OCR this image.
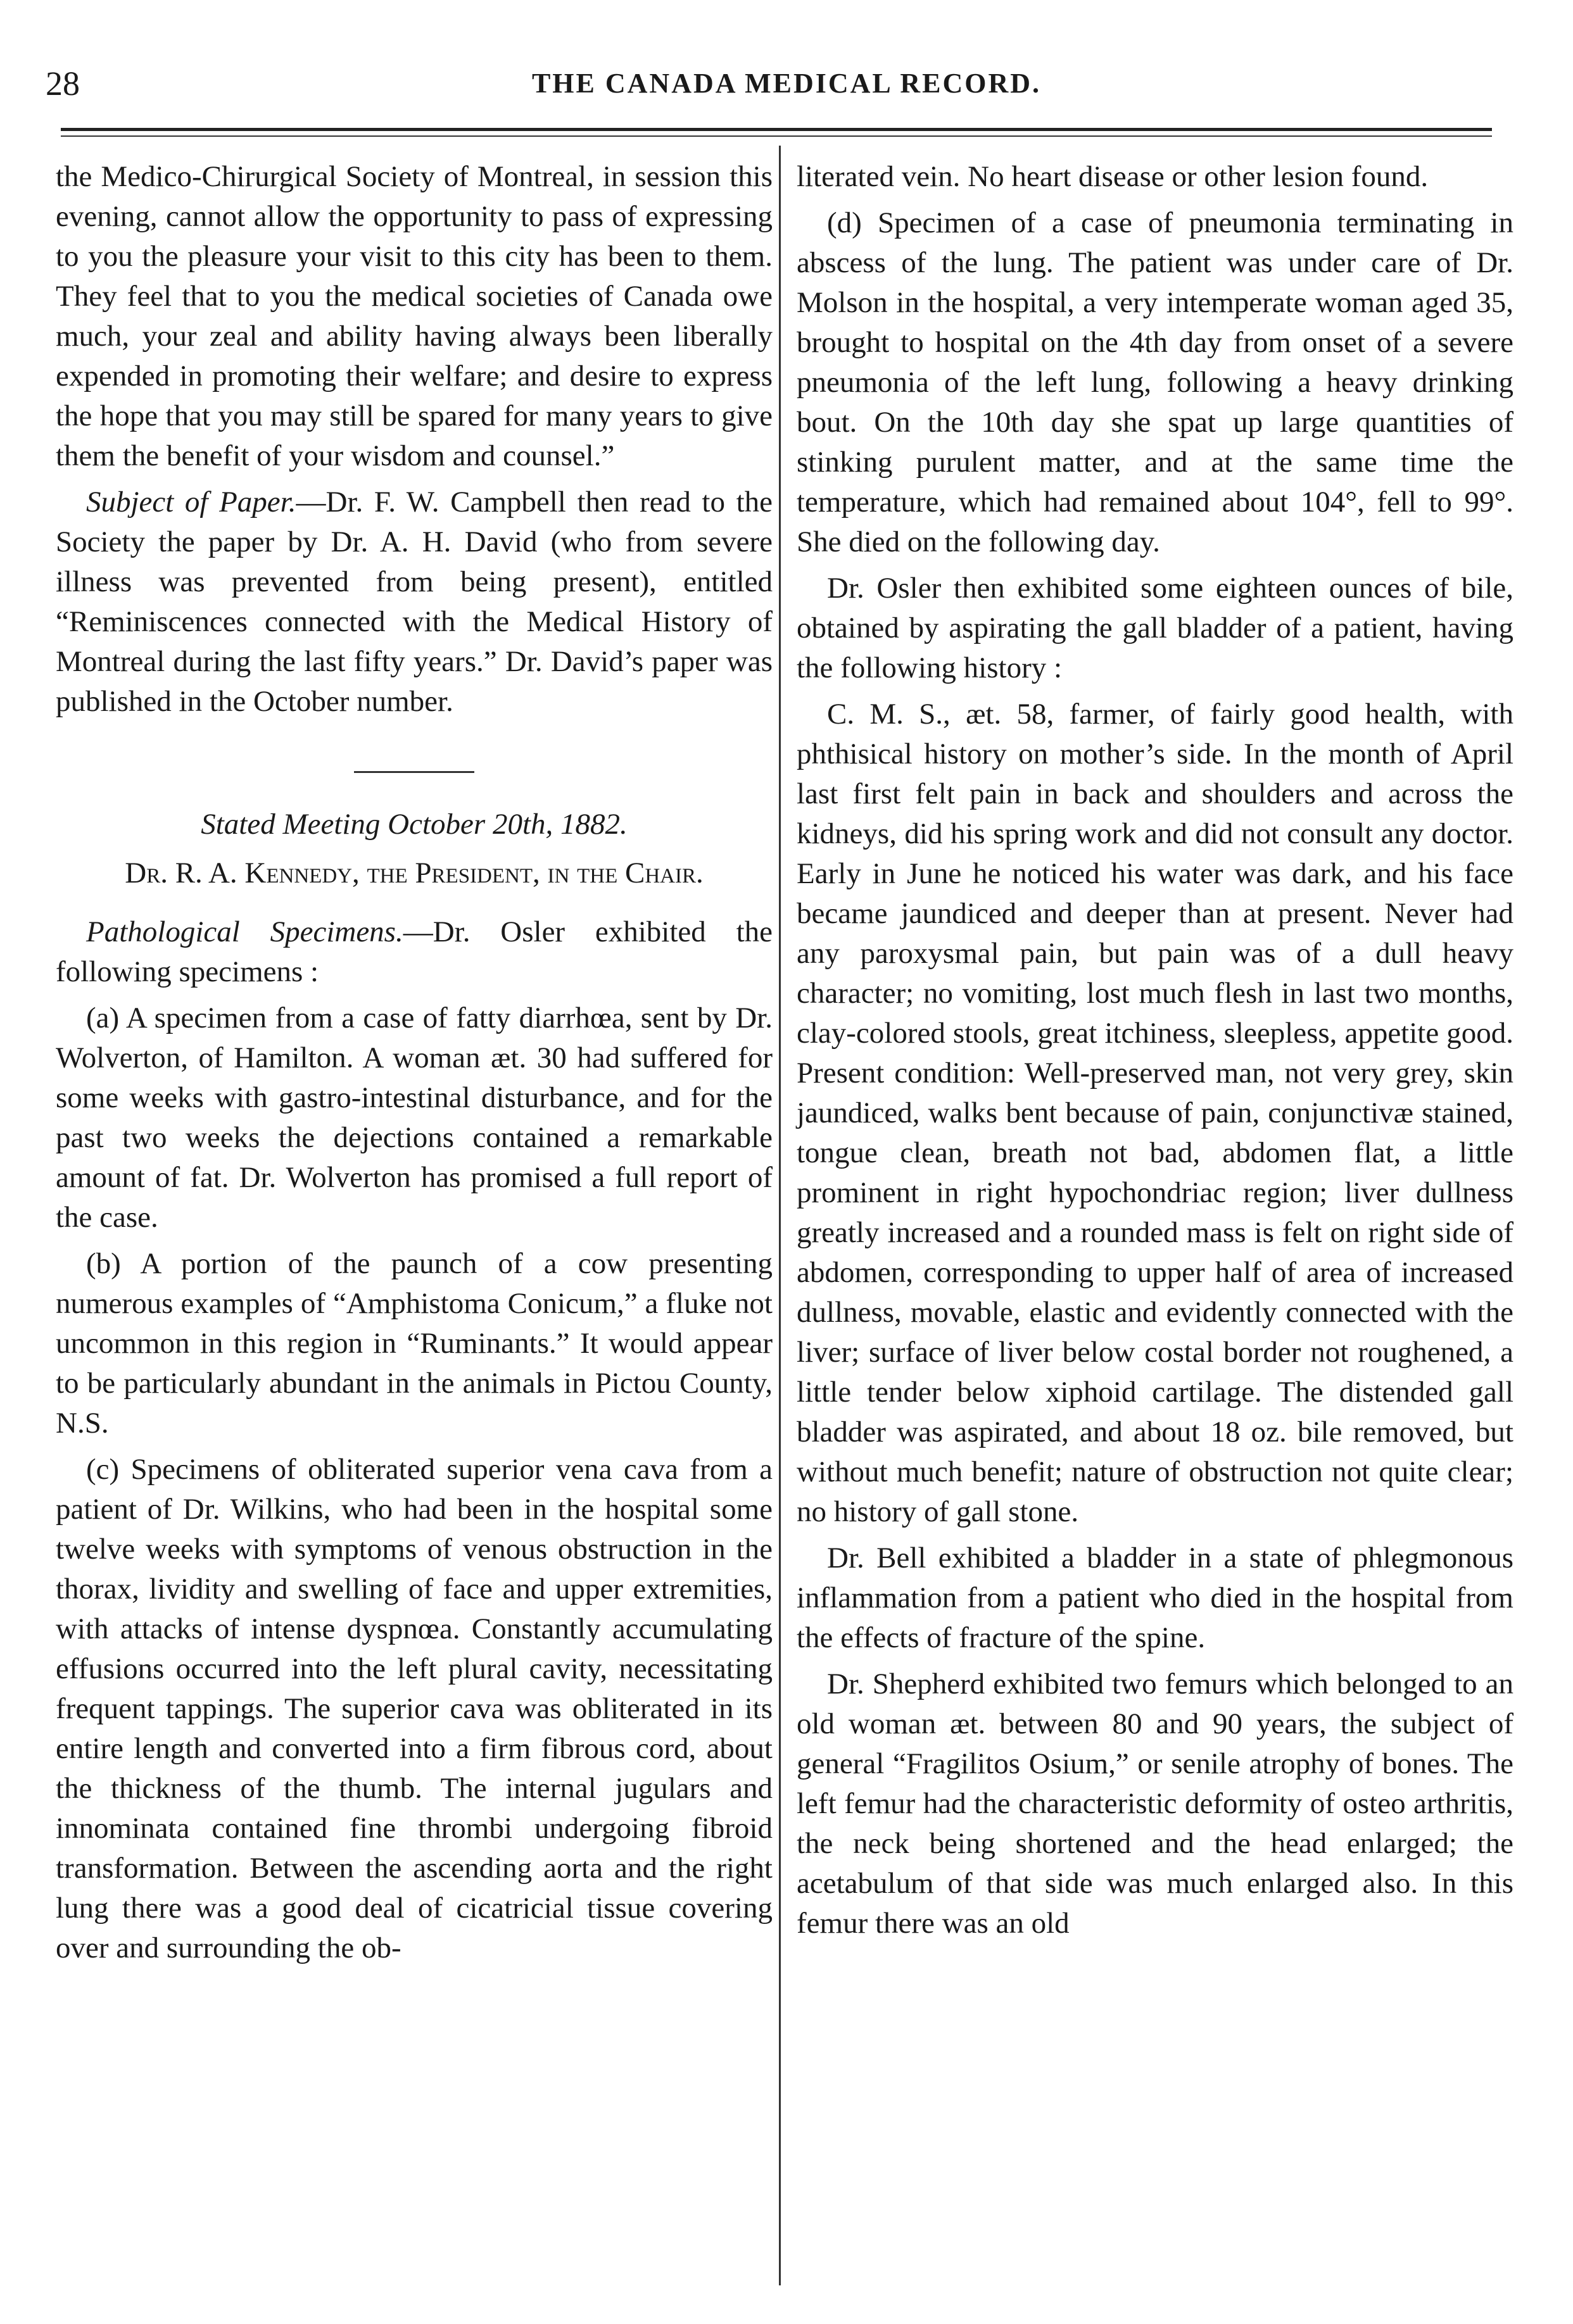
28	THE CANADA MEDICAL RECORD.

the Medico-Chirurgical Society of Montreal, in session this evening, cannot allow the opportunity to pass of expressing to you the pleasure your visit to this city has been to them. They feel that to you the medical societies of Canada owe much, your zeal and ability having always been liberally expended in promoting their welfare; and desire to express the hope that you may still be spared for many years to give them the benefit of your wisdom and counsel.”

Subject of Paper.—Dr. F. W. Campbell then read to the Society the paper by Dr. A. H. David (who from severe illness was prevented from being present), entitled “Reminiscences connected with the Medical History of Montreal during the last fifty years.” Dr. David’s paper was published in the October number.

Stated Meeting October 20th, 1882.

Dr. R. A. Kennedy, the President, in the Chair.

Pathological Specimens.—Dr. Osler exhibited the following specimens :

(a) A specimen from a case of fatty diarrhœa, sent by Dr. Wolverton, of Hamilton. A woman æt. 30 had suffered for some weeks with gastro-intestinal disturbance, and for the past two weeks the dejections contained a remarkable amount of fat. Dr. Wolverton has promised a full report of the case.

(b) A portion of the paunch of a cow presenting numerous examples of “Amphistoma Conicum,” a fluke not uncommon in this region in “Ruminants.” It would appear to be particularly abundant in the animals in Pictou County, N.S.

(c) Specimens of obliterated superior vena cava from a patient of Dr. Wilkins, who had been in the hospital some twelve weeks with symptoms of venous obstruction in the thorax, lividity and swelling of face and upper extremities, with attacks of intense dyspnœa. Constantly accumulating effusions occurred into the left plural cavity, necessitating frequent tappings. The superior cava was obliterated in its entire length and converted into a firm fibrous cord, about the thickness of the thumb. The internal jugulars and innominata contained fine thrombi undergoing fibroid transformation. Between the ascending aorta and the right lung there was a good deal of cicatricial tissue covering over and surrounding the ob-

literated vein. No heart disease or other lesion found.

(d) Specimen of a case of pneumonia terminating in abscess of the lung. The patient was under care of Dr. Molson in the hospital, a very intemperate woman aged 35, brought to hospital on the 4th day from onset of a severe pneumonia of the left lung, following a heavy drinking bout. On the 10th day she spat up large quantities of stinking purulent matter, and at the same time the temperature, which had remained about 104°, fell to 99°. She died on the following day.

Dr. Osler then exhibited some eighteen ounces of bile, obtained by aspirating the gall bladder of a patient, having the following history :

C. M. S., æt. 58, farmer, of fairly good health, with phthisical history on mother’s side. In the month of April last first felt pain in back and shoulders and across the kidneys, did his spring work and did not consult any doctor. Early in June he noticed his water was dark, and his face became jaundiced and deeper than at present. Never had any paroxysmal pain, but pain was of a dull heavy character; no vomiting, lost much flesh in last two months, clay-colored stools, great itchiness, sleepless, appetite good. Present condition: Well-preserved man, not very grey, skin jaundiced, walks bent because of pain, conjunctivæ stained, tongue clean, breath not bad, abdomen flat, a little prominent in right hypochondriac region; liver dullness greatly increased and a rounded mass is felt on right side of abdomen, corresponding to upper half of area of increased dullness, movable, elastic and evidently connected with the liver; surface of liver below costal border not roughened, a little tender below xiphoid cartilage. The distended gall bladder was aspirated, and about 18 oz. bile removed, but without much benefit; nature of obstruction not quite clear; no history of gall stone.

Dr. Bell exhibited a bladder in a state of phlegmonous inflammation from a patient who died in the hospital from the effects of fracture of the spine.

Dr. Shepherd exhibited two femurs which belonged to an old woman æt. between 80 and 90 years, the subject of general “Fragilitos Osium,” or senile atrophy of bones. The left femur had the characteristic deformity of osteo arthritis, the neck being shortened and the head enlarged; the acetabulum of that side was much enlarged also. In this femur there was an old
